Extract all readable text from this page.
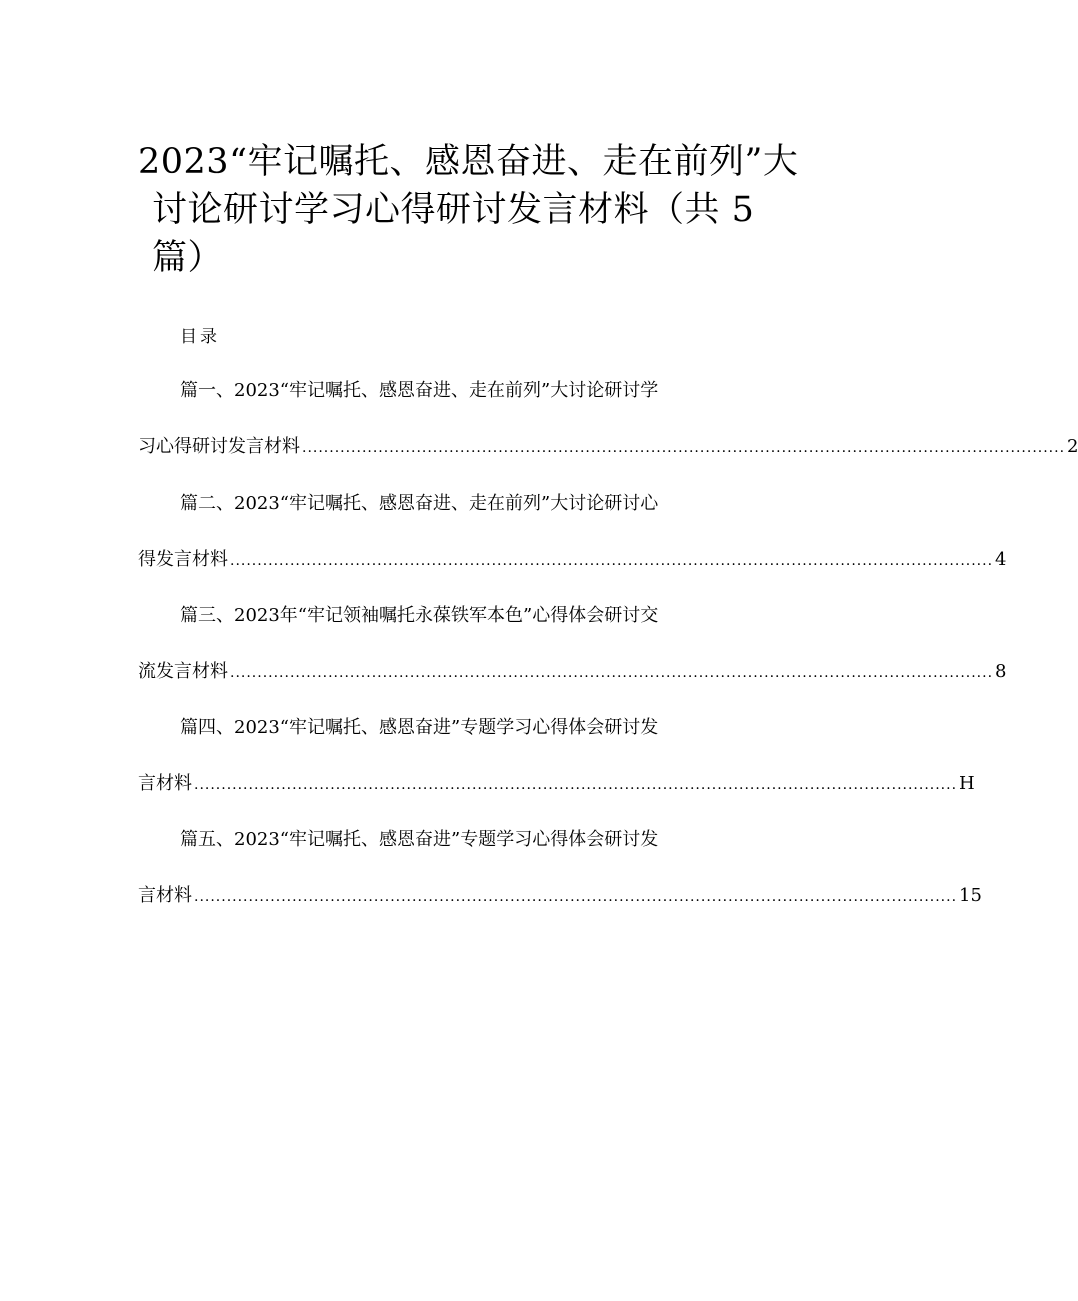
2023“牢记嘱托、感恩奋进、走在前列”大
讨论研讨学习心得研讨发言材料（共 5
篇）
目录
篇一、2023“牢记嘱托、感恩奋进、走在前列”大讨论研讨学
习心得研讨发言材料 ............................................................................................................................................ 2
篇二、2023“牢记嘱托、感恩奋进、走在前列”大讨论研讨心
得发言材料 ............................................................................................................................................ 4
篇三、2023年“牢记领袖嘱托永葆铁军本色”心得体会研讨交
流发言材料 ............................................................................................................................................ 8
篇四、2023“牢记嘱托、感恩奋进”专题学习心得体会研讨发
言材料 ............................................................................................................................................ H
篇五、2023“牢记嘱托、感恩奋进”专题学习心得体会研讨发
言材料 ............................................................................................................................................ 15
